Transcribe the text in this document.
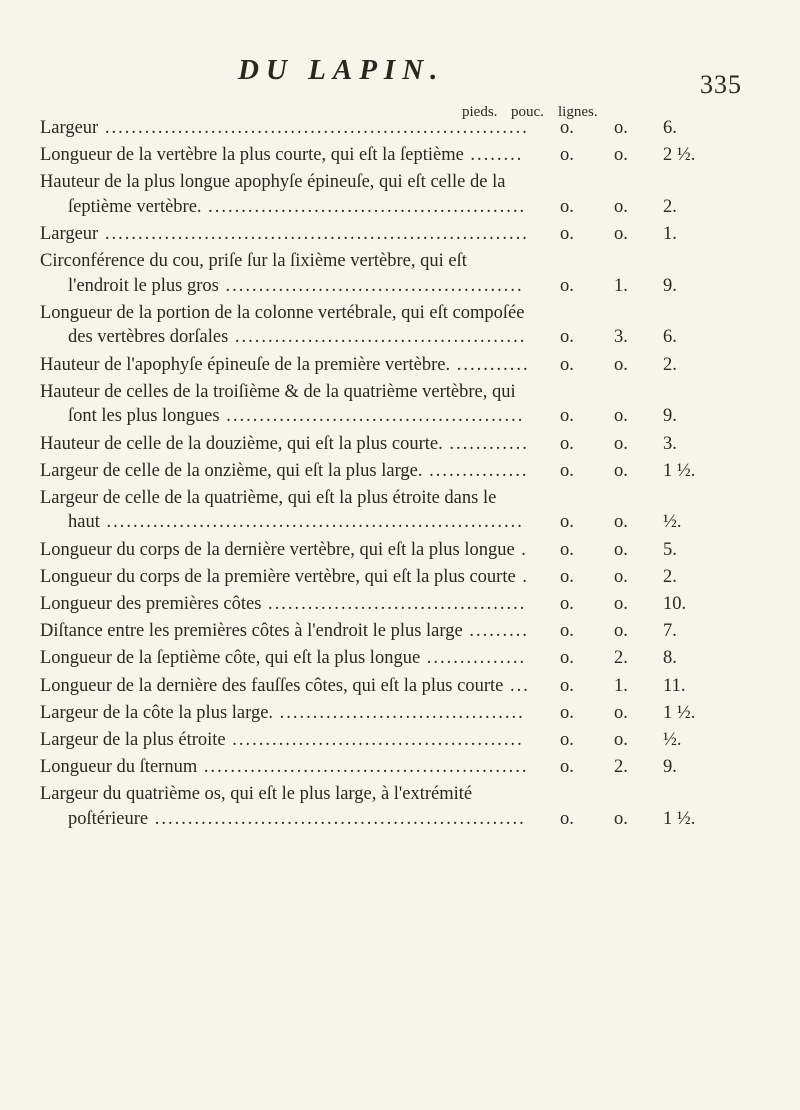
DU LAPIN.	335
pieds. pouc. lignes.

Largeur ................................................................ o. o. 6.

Longueur de la vertèbre la plus courte, qui eſt la ſeptième ........	o. o. 2 ½.

Hauteur de la plus longue apophyſe épineuſe, qui eſt celle de la ſeptième vertèbre. ................................................ o. o. 2.

Largeur ................................................................ o. o. 1.

Circonférence du cou, priſe ſur la ſixième vertèbre, qui eſt l'endroit le plus gros .............................................	o. 1. 9.

Longueur de la portion de la colonne vertébrale, qui eſt compoſée des vertèbres dorſales ............................................ o. 3. 6.

Hauteur de l'apophyſe épineuſe de la première vertèbre. ........... o. o. 2.

Hauteur de celles de la troiſième & de la quatrième vertèbre, qui ſont les plus longues .............................................	o. o. 9.

Hauteur de celle de la douzième, qui eſt la plus courte. ............ o. o. 3.

Largeur de celle de la onzième, qui eſt la plus large. ............... o. o. 1 ½.

Largeur de celle de la quatrième, qui eſt la plus étroite dans le haut ...............................................................	o. o. ½.

Longueur du corps de la dernière vertèbre, qui eſt la plus longue . o. o. 5.

Longueur du corps de la première vertèbre, qui eſt la plus courte . o. o. 2.

Longueur des premières côtes ....................................... o. o. 10.

Diſtance entre les premières côtes à l'endroit le plus large ......... o. o. 7.

Longueur de la ſeptième côte, qui eſt la plus longue ............... o. 2. 8.

Longueur de la dernière des fauſſes côtes, qui eſt la plus courte ... o. 1. 11.

Largeur de la côte la plus large. ..................................... o. o. 1 ½.

Largeur de la plus étroite ............................................	o. o. ½.

Longueur du ſternum ................................................. o. 2. 9.

Largeur du quatrième os, qui eſt le plus large, à l'extrémité poſtérieure ........................................................ o. o. 1 ½.
